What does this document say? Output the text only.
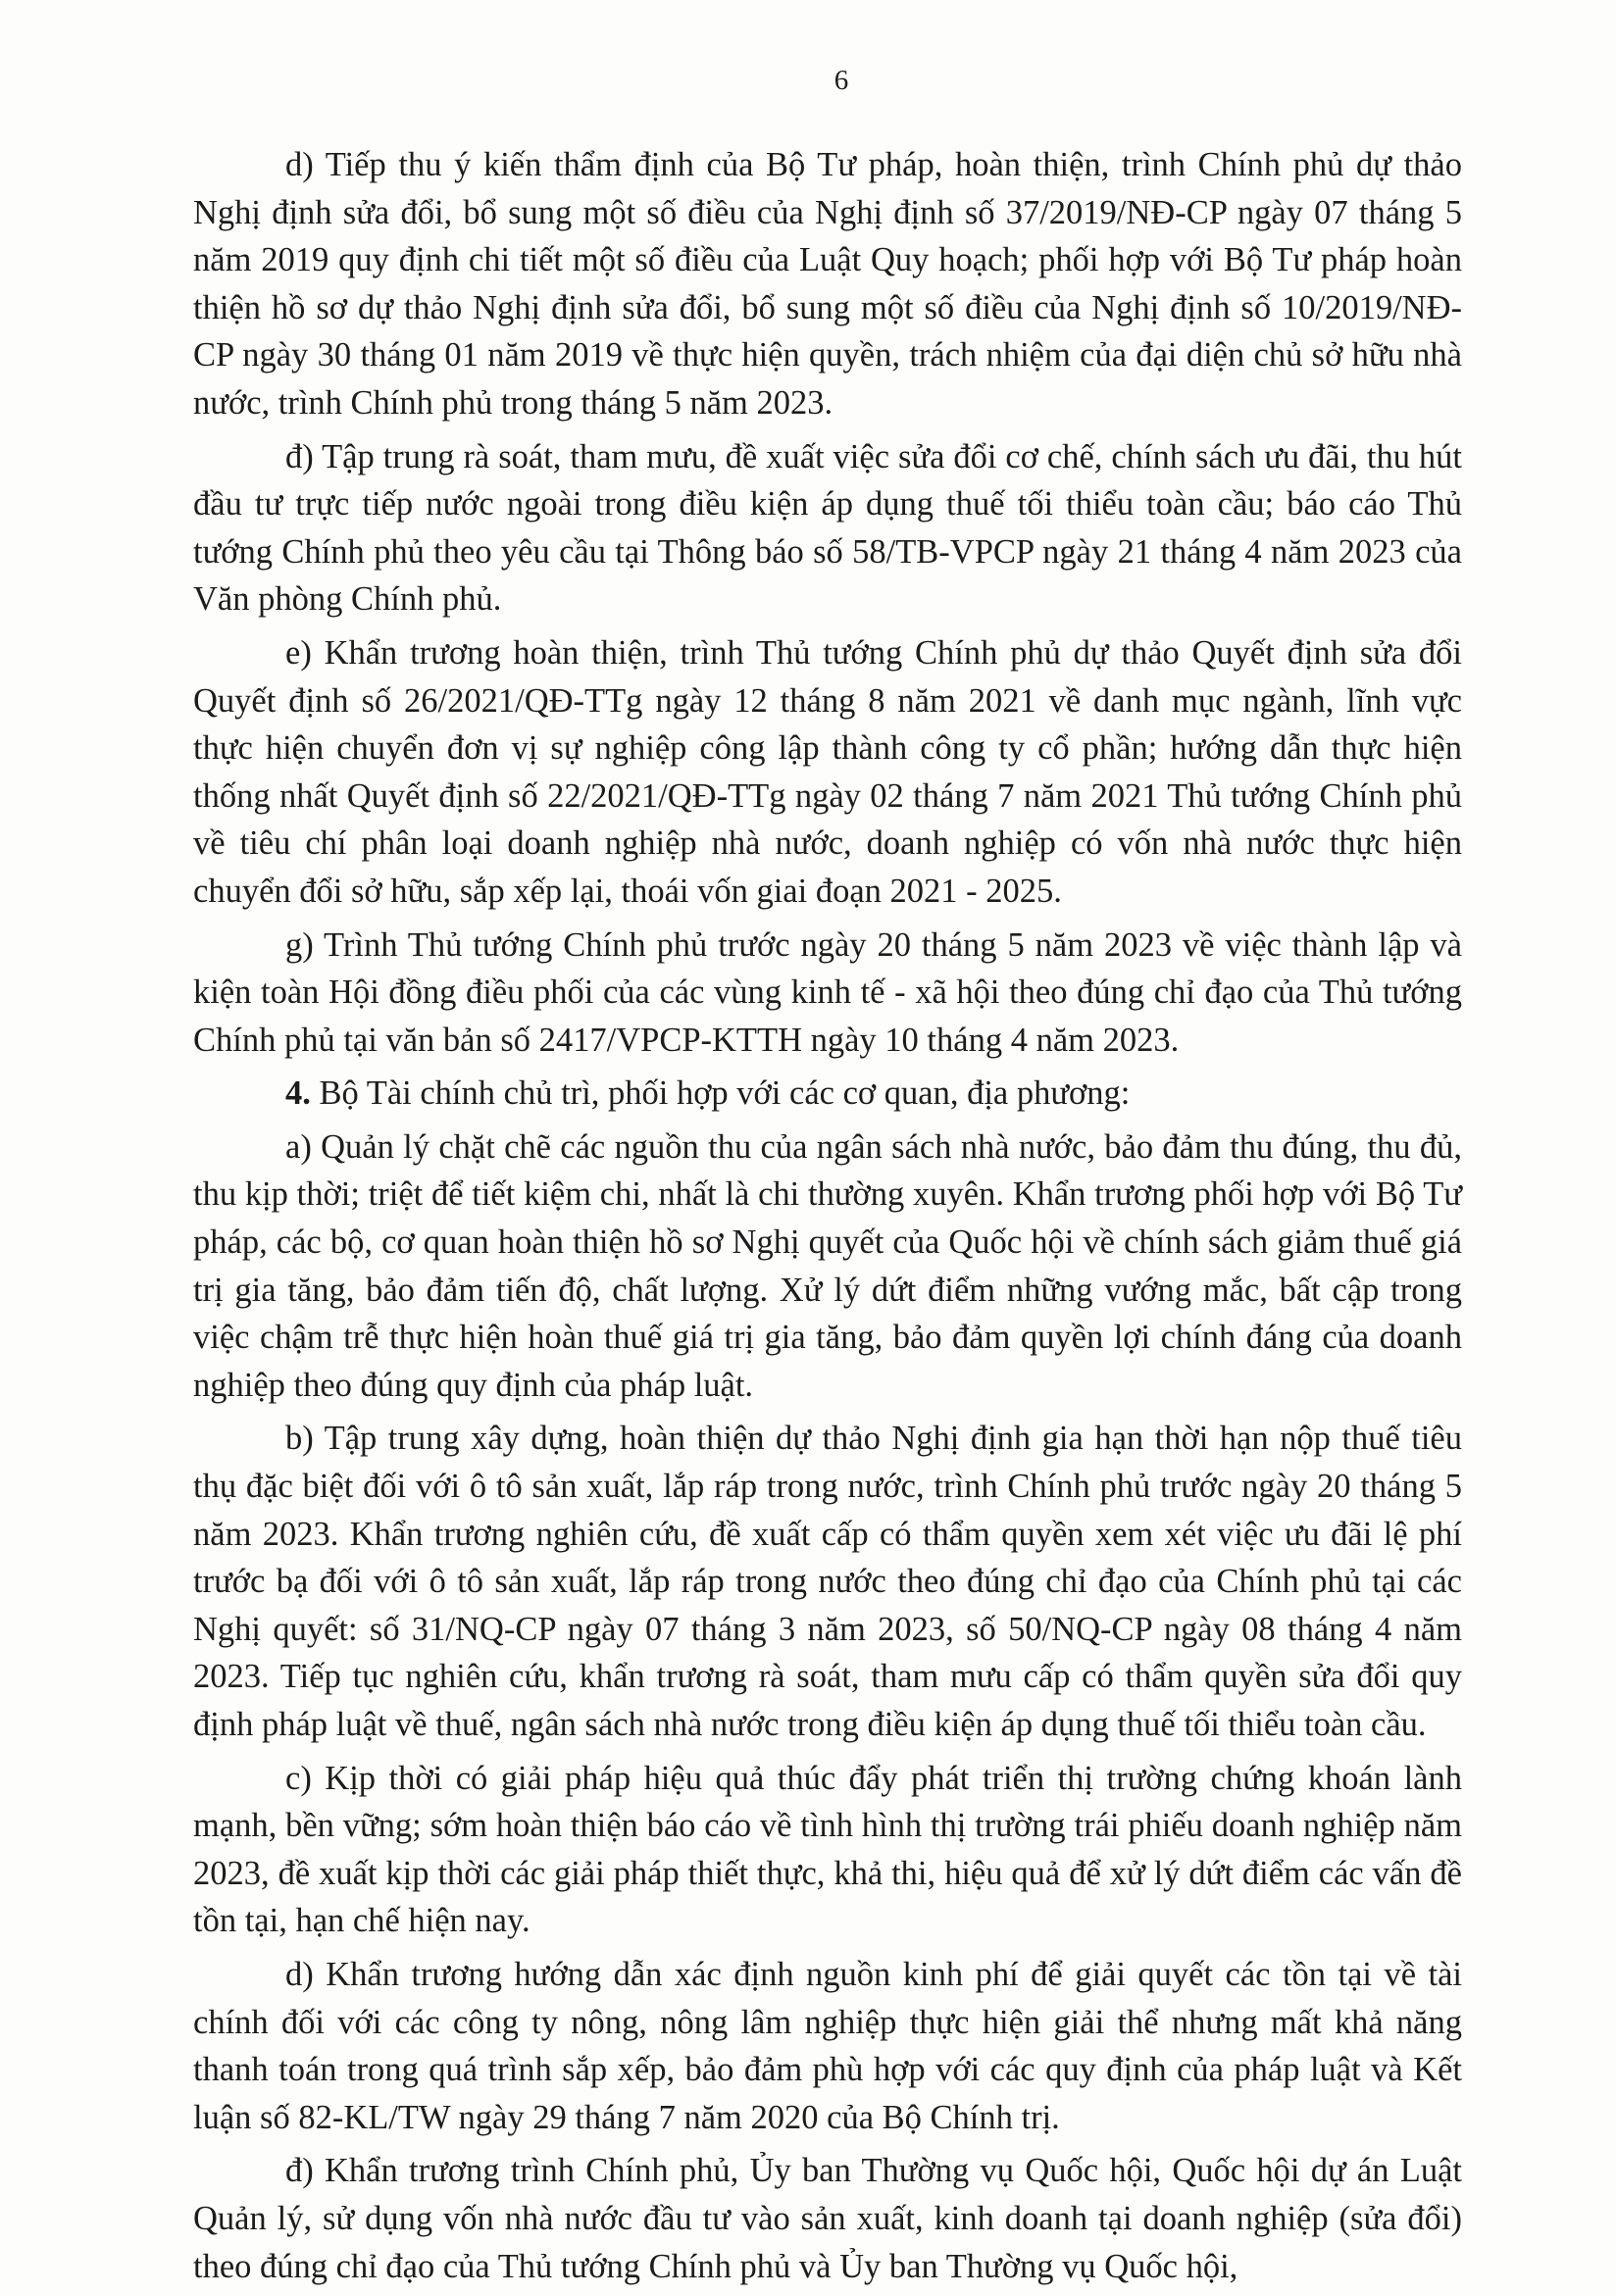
6

d) Tiếp thu ý kiến thẩm định của Bộ Tư pháp, hoàn thiện, trình Chính phủ dự thảo Nghị định sửa đổi, bổ sung một số điều của Nghị định số 37/2019/NĐ-CP ngày 07 tháng 5 năm 2019 quy định chi tiết một số điều của Luật Quy hoạch; phối hợp với Bộ Tư pháp hoàn thiện hồ sơ dự thảo Nghị định sửa đổi, bổ sung một số điều của Nghị định số 10/2019/NĐ-CP ngày 30 tháng 01 năm 2019 về thực hiện quyền, trách nhiệm của đại diện chủ sở hữu nhà nước, trình Chính phủ trong tháng 5 năm 2023.

đ) Tập trung rà soát, tham mưu, đề xuất việc sửa đổi cơ chế, chính sách ưu đãi, thu hút đầu tư trực tiếp nước ngoài trong điều kiện áp dụng thuế tối thiểu toàn cầu; báo cáo Thủ tướng Chính phủ theo yêu cầu tại Thông báo số 58/TB-VPCP ngày 21 tháng 4 năm 2023 của Văn phòng Chính phủ.

e) Khẩn trương hoàn thiện, trình Thủ tướng Chính phủ dự thảo Quyết định sửa đổi Quyết định số 26/2021/QĐ-TTg ngày 12 tháng 8 năm 2021 về danh mục ngành, lĩnh vực thực hiện chuyển đơn vị sự nghiệp công lập thành công ty cổ phần; hướng dẫn thực hiện thống nhất Quyết định số 22/2021/QĐ-TTg ngày 02 tháng 7 năm 2021 Thủ tướng Chính phủ về tiêu chí phân loại doanh nghiệp nhà nước, doanh nghiệp có vốn nhà nước thực hiện chuyển đổi sở hữu, sắp xếp lại, thoái vốn giai đoạn 2021 - 2025.

g) Trình Thủ tướng Chính phủ trước ngày 20 tháng 5 năm 2023 về việc thành lập và kiện toàn Hội đồng điều phối của các vùng kinh tế - xã hội theo đúng chỉ đạo của Thủ tướng Chính phủ tại văn bản số 2417/VPCP-KTTH ngày 10 tháng 4 năm 2023.

4. Bộ Tài chính chủ trì, phối hợp với các cơ quan, địa phương:

a) Quản lý chặt chẽ các nguồn thu của ngân sách nhà nước, bảo đảm thu đúng, thu đủ, thu kịp thời; triệt để tiết kiệm chi, nhất là chi thường xuyên. Khẩn trương phối hợp với Bộ Tư pháp, các bộ, cơ quan hoàn thiện hồ sơ Nghị quyết của Quốc hội về chính sách giảm thuế giá trị gia tăng, bảo đảm tiến độ, chất lượng. Xử lý dứt điểm những vướng mắc, bất cập trong việc chậm trễ thực hiện hoàn thuế giá trị gia tăng, bảo đảm quyền lợi chính đáng của doanh nghiệp theo đúng quy định của pháp luật.

b) Tập trung xây dựng, hoàn thiện dự thảo Nghị định gia hạn thời hạn nộp thuế tiêu thụ đặc biệt đối với ô tô sản xuất, lắp ráp trong nước, trình Chính phủ trước ngày 20 tháng 5 năm 2023. Khẩn trương nghiên cứu, đề xuất cấp có thẩm quyền xem xét việc ưu đãi lệ phí trước bạ đối với ô tô sản xuất, lắp ráp trong nước theo đúng chỉ đạo của Chính phủ tại các Nghị quyết: số 31/NQ-CP ngày 07 tháng 3 năm 2023, số 50/NQ-CP ngày 08 tháng 4 năm 2023. Tiếp tục nghiên cứu, khẩn trương rà soát, tham mưu cấp có thẩm quyền sửa đổi quy định pháp luật về thuế, ngân sách nhà nước trong điều kiện áp dụng thuế tối thiểu toàn cầu.

c) Kịp thời có giải pháp hiệu quả thúc đẩy phát triển thị trường chứng khoán lành mạnh, bền vững; sớm hoàn thiện báo cáo về tình hình thị trường trái phiếu doanh nghiệp năm 2023, đề xuất kịp thời các giải pháp thiết thực, khả thi, hiệu quả để xử lý dứt điểm các vấn đề tồn tại, hạn chế hiện nay.

d) Khẩn trương hướng dẫn xác định nguồn kinh phí để giải quyết các tồn tại về tài chính đối với các công ty nông, nông lâm nghiệp thực hiện giải thể nhưng mất khả năng thanh toán trong quá trình sắp xếp, bảo đảm phù hợp với các quy định của pháp luật và Kết luận số 82-KL/TW ngày 29 tháng 7 năm 2020 của Bộ Chính trị.

đ) Khẩn trương trình Chính phủ, Ủy ban Thường vụ Quốc hội, Quốc hội dự án Luật Quản lý, sử dụng vốn nhà nước đầu tư vào sản xuất, kinh doanh tại doanh nghiệp (sửa đổi) theo đúng chỉ đạo của Thủ tướng Chính phủ và Ủy ban Thường vụ Quốc hội,
